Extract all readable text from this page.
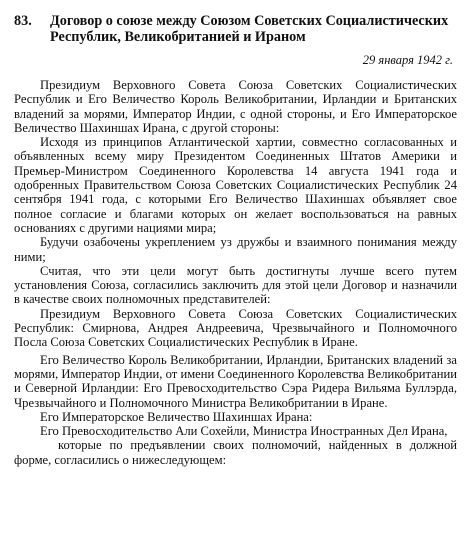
83.	Договор о союзе между Союзом Советских Социалистических Республик, Великобританией и Ираном
29 января 1942 г.

Президиум Верховного Совета Союза Советских Социалистических Республик и Его Величество Король Великобритании, Ирландии и Британских владений за морями, Император Индии, с одной стороны, и Его Императорское Величество Шахиншах Ирана, с другой стороны:

Исходя из принципов Атлантической хартии, совместно согласованных и объявленных всему миру Президентом Соединенных Штатов Америки и Премьер-Министром Соединенного Королевства 14 августа 1941 года и одобренных Правительством Союза Советских Социалистических Республик 24 сентября 1941 года, с которыми Его Величество Шахиншах объявляет свое полное согласие и благами которых он желает воспользоваться на равных основаниях с другими нациями мира;

Будучи озабочены укреплением уз дружбы и взаимного понимания между ними;

Считая, что эти цели могут быть достигнуты лучше всего путем установления Союза, согласились заключить для этой цели Договор и назначили в качестве своих полномочных представителей:

Президиум Верховного Совета Союза Советских Социалистических Республик: Смирнова, Андрея Андреевича, Чрезвычайного и Полномочного Посла Союза Советских Социалистических Республик в Иране.

Его Величество Король Великобритании, Ирландии, Британских владений за морями, Император Индии, от имени Соединенного Королевства Великобритании и Северной Ирландии: Его Превосходительство Сэра Ридера Вильяма Буллэрда, Чрезвычайного и Полномочного Министра Великобритании в Иране.

Его Императорское Величество Шахиншах Ирана:

Его Превосходительство Али Сохейли, Министра Иностранных Дел Ирана,

которые по предъявлении своих полномочий, найденных в должной форме, согласились о нижеследующем:
